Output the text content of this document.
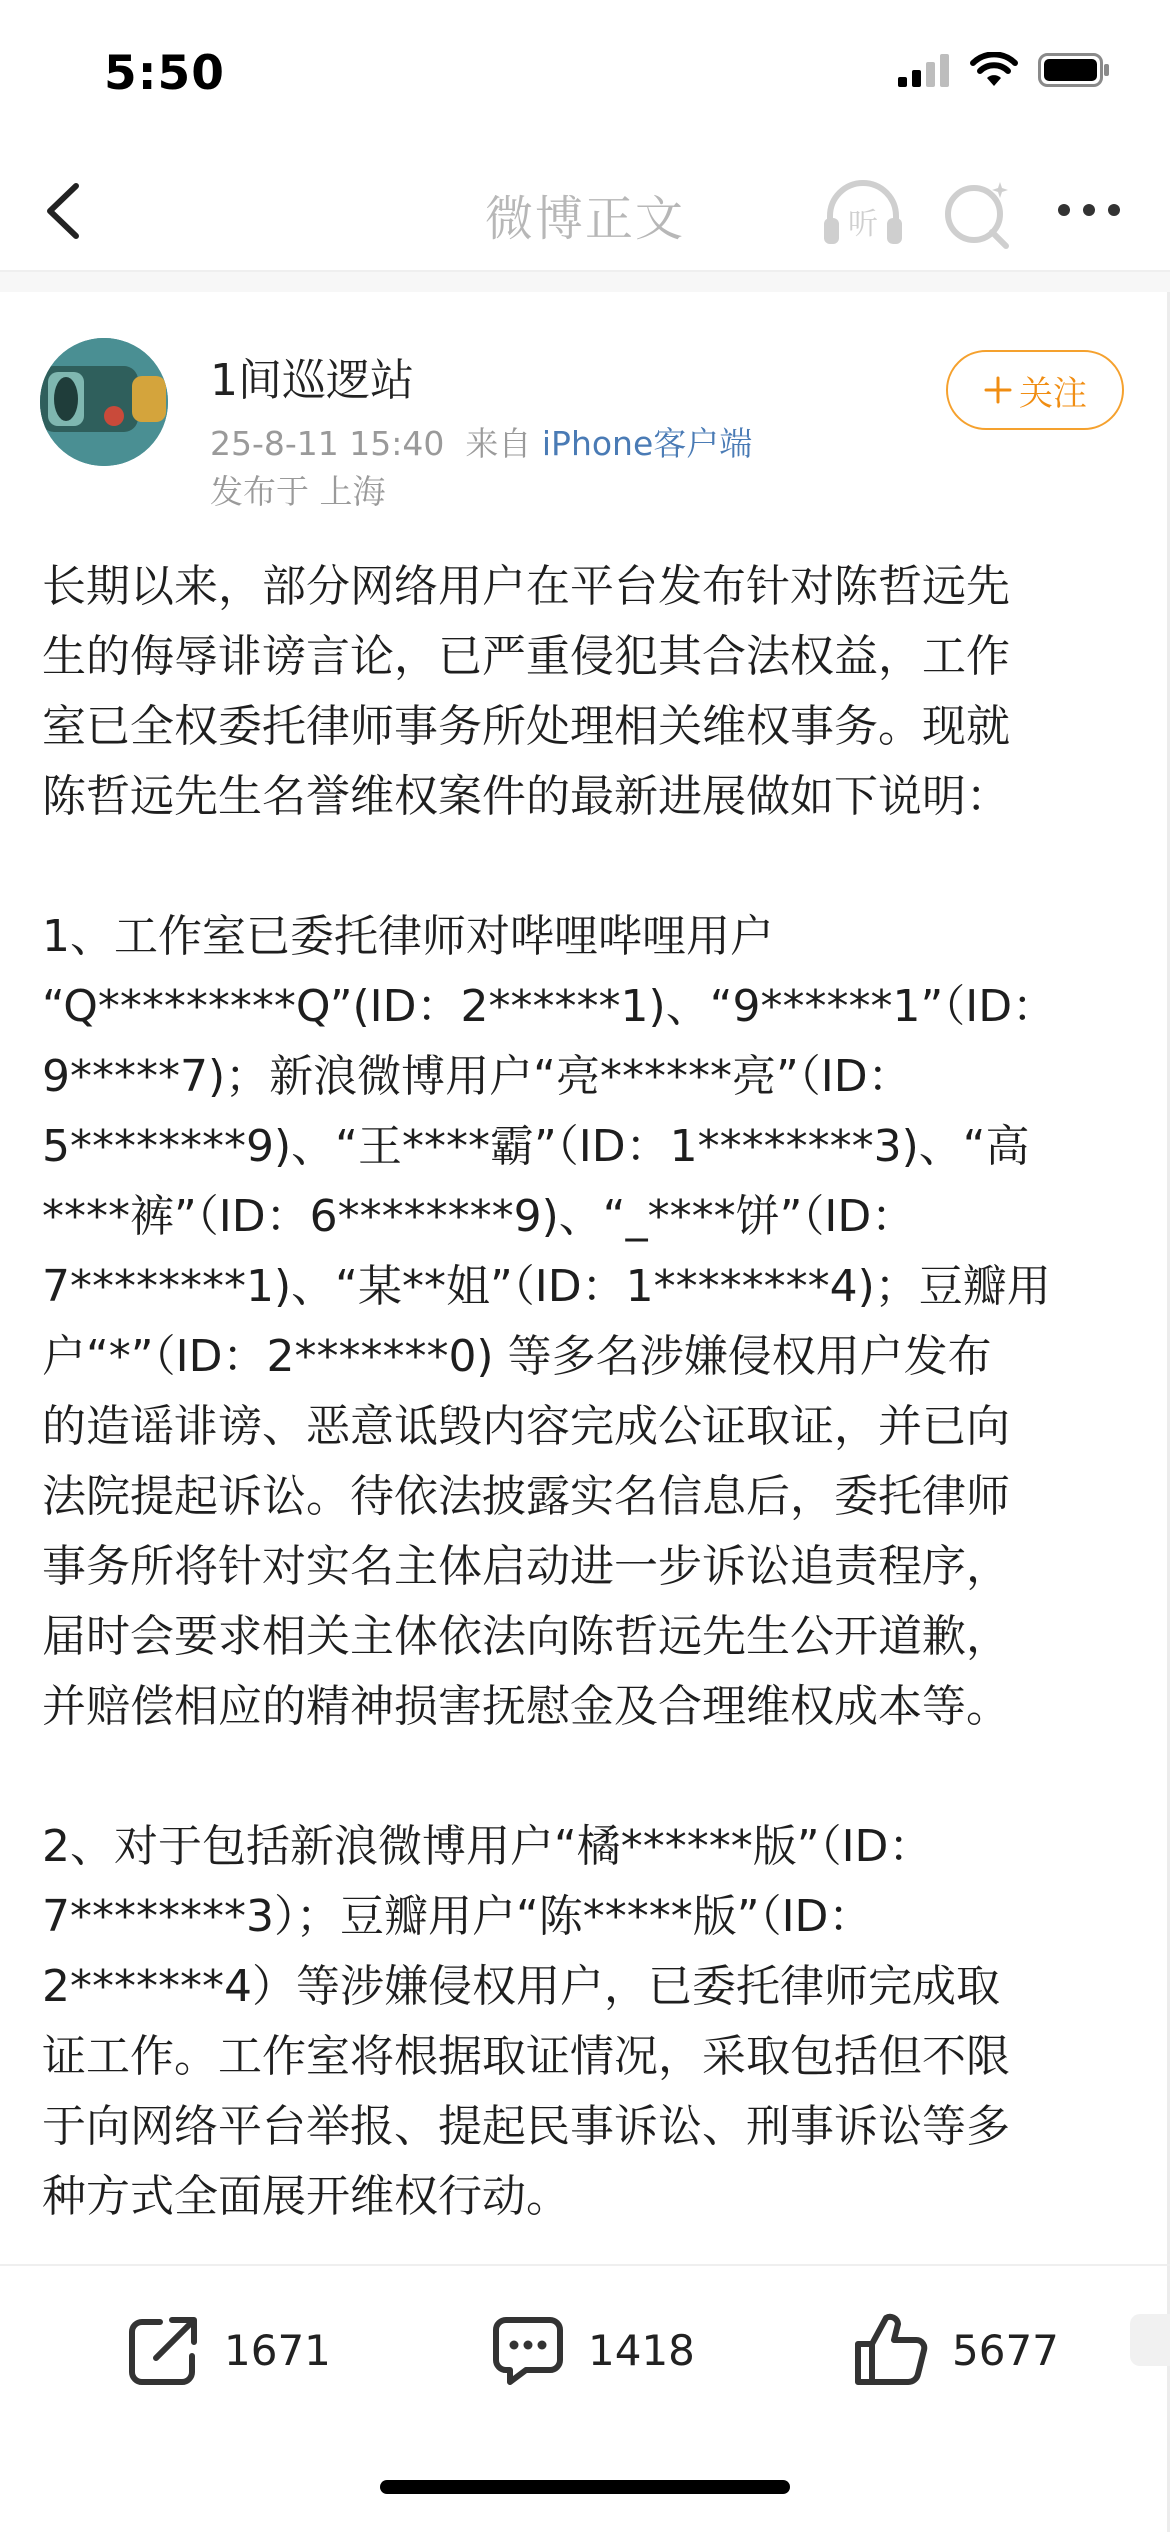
5:50
微博正文	听
1间巡逻站
25-8-11 15:40 来自 iPhone客户端
发布于 上海
关注
长期以来，部分网络用户在平台发布针对陈哲远先
生的侮辱诽谤言论，已严重侵犯其合法权益，工作
室已全权委托律师事务所处理相关维权事务。现就
陈哲远先生名誉维权案件的最新进展做如下说明：
1、工作室已委托律师对哔哩哔哩用户
“Q*********Q”(ID：2******1)、“9******1”（ID：
9*****7)；新浪微博用户“亮******亮”（ID：
5********9)、“王****霸”（ID：1********3)、“高
****裤”（ID：6********9)、“_****饼”（ID：
7********1)、“某**姐”（ID：1********4)；豆瓣用
户“*”（ID：2*******0) 等多名涉嫌侵权用户发布
的造谣诽谤、恶意诋毁内容完成公证取证，并已向
法院提起诉讼。待依法披露实名信息后，委托律师
事务所将针对实名主体启动进一步诉讼追责程序，
届时会要求相关主体依法向陈哲远先生公开道歉，
并赔偿相应的精神损害抚慰金及合理维权成本等。
2、对于包括新浪微博用户“橘******版”（ID：
7********3）；豆瓣用户“陈*****版”（ID：
2*******4）等涉嫌侵权用户，已委托律师完成取
证工作。工作室将根据取证情况，采取包括但不限
于向网络平台举报、提起民事诉讼、刑事诉讼等多
种方式全面展开维权行动。
1671	1418	5677
